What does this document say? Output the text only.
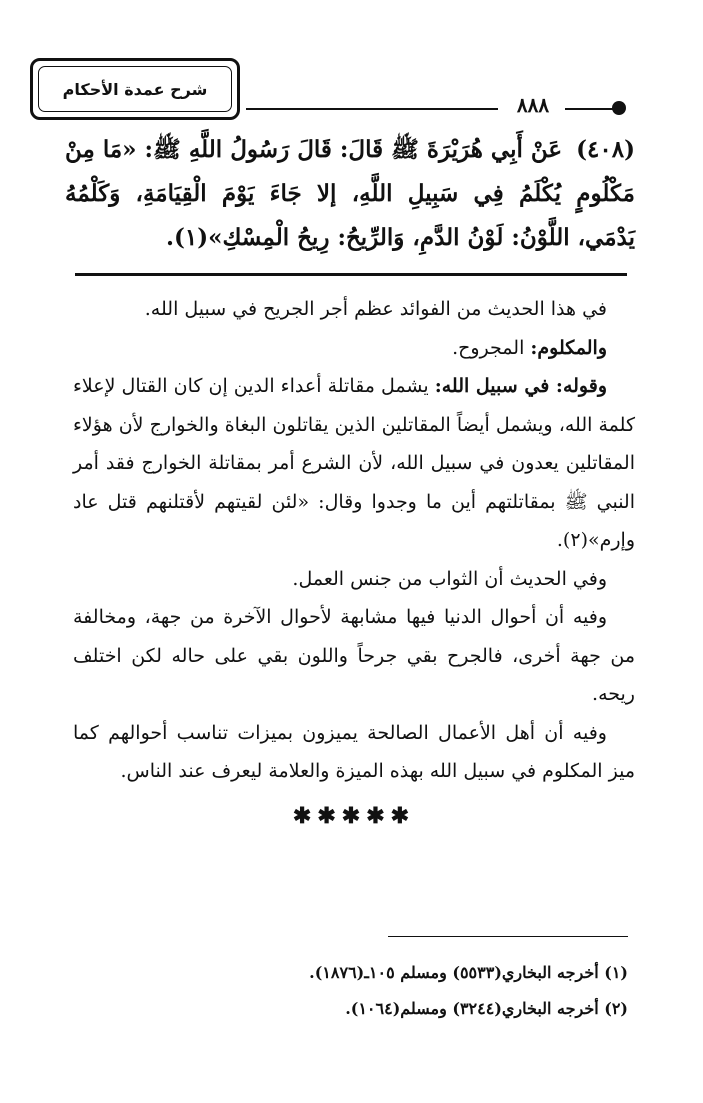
شرح عمدة الأحكام
٨٨٨
(٤٠٨) عَنْ أَبِي هُرَيْرَةَ ﷺ قَالَ: قَالَ رَسُولُ اللَّهِ ﷺ: «مَا مِنْ مَكْلُومٍ يُكْلَمُ فِي سَبِيلِ اللَّهِ، إلا جَاءَ يَوْمَ الْقِيَامَةِ، وَكَلْمُهُ يَدْمَي، اللَّوْنُ: لَوْنُ الدَّمِ، وَالرِّيحُ: رِيحُ الْمِسْكِ»(١).

في هذا الحديث من الفوائد عظم أجر الجريح في سبيل الله.

والمكلوم: المجروح.

وقوله: في سبيل الله: يشمل مقاتلة أعداء الدين إن كان القتال لإعلاء كلمة الله، ويشمل أيضاً المقاتلين الذين يقاتلون البغاة والخوارج لأن هؤلاء المقاتلين يعدون في سبيل الله، لأن الشرع أمر بمقاتلة الخوارج فقد أمر النبي ﷺ بمقاتلتهم أين ما وجدوا وقال: «لئن لقيتهم لأقتلنهم قتل عاد وإرم»(٢).

وفي الحديث أن الثواب من جنس العمل.

وفيه أن أحوال الدنيا فيها مشابهة لأحوال الآخرة من جهة، ومخالفة من جهة أخرى، فالجرح بقي جرحاً واللون بقي على حاله لكن اختلف ريحه.

وفيه أن أهل الأعمال الصالحة يميزون بميزات تناسب أحوالهم كما ميز المكلوم في سبيل الله بهذه الميزة والعلامة ليعرف عند الناس.

✱✱✱✱✱

(١) أخرجه البخاري(٥٥٣٣) ومسلم ١٠٥ـ(١٨٧٦).

(٢) أخرجه البخاري(٣٢٤٤) ومسلم(١٠٦٤).
